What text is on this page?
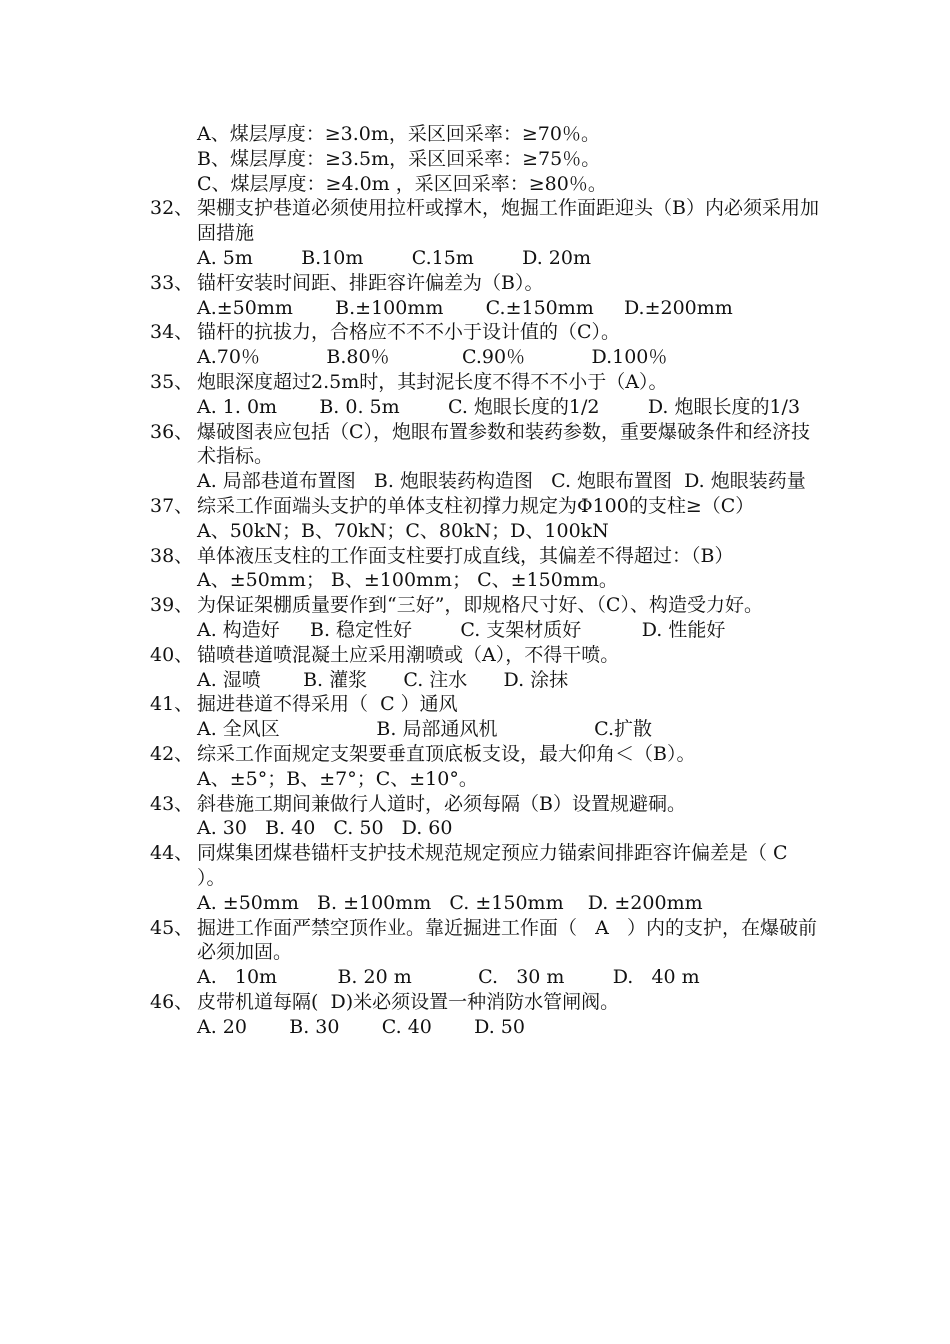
A、煤层厚度：≥3.0m，采区回采率：≥70％。
B、煤层厚度：≥3.5m，采区回采率：≥75％。
C、煤层厚度：≥4.0m ，采区回采率：≥80％。
32、 架棚支护巷道必须使用拉杆或撑木，炮掘工作面距迎头（B）内必须采用加固措施
A. 5m        B.10m        C.15m        D. 20m
33、 锚杆安装时间距、排距容许偏差为（B）。
A.±50mm       B.±100mm       C.±150mm     D.±200mm
34、 锚杆的抗拔力，合格应不不不小于设计值的（C）。
A.70％           B.80％            C.90％           D.100％
35、 炮眼深度超过2.5m时，其封泥长度不得不不小于（A）。
A. 1. 0m       B. 0. 5m        C. 炮眼长度的1/2        D. 炮眼长度的1/3
36、 爆破图表应包括（C），炮眼布置参数和装药参数，重要爆破条件和经济技术指标。
A. 局部巷道布置图   B. 炮眼装药构造图   C. 炮眼布置图  D. 炮眼装药量
37、 综采工作面端头支护的单体支柱初撑力规定为Φ100的支柱≥（C）
A、50kN；B、70kN；C、80kN；D、100kN
38、 单体液压支柱的工作面支柱要打成直线，其偏差不得超过：（B）
A、±50mm； B、±100mm； C、±150mm。
39、 为保证架棚质量要作到“三好”，即规格尺寸好、（C）、构造受力好。
A. 构造好     B. 稳定性好        C. 支架材质好          D. 性能好
40、 锚喷巷道喷混凝土应采用潮喷或（A），不得干喷。
A. 湿喷       B. 灌浆      C. 注水      D. 涂抹
41、 掘进巷道不得采用（  C ）通风
A. 全风区                B. 局部通风机                C.扩散
42、 综采工作面规定支架要垂直顶底板支设，最大仰角＜（B）。
A、±5°；B、±7°；C、±10°。
43、 斜巷施工期间兼做行人道时，必须每隔（B）设置规避硐。
A. 30   B. 40   C. 50   D. 60
44、 同煤集团煤巷锚杆支护技术规范规定预应力锚索间排距容许偏差是（ C ）。
A. ±50mm   B. ±100mm   C. ±150mm    D. ±200mm
45、 掘进工作面严禁空顶作业。靠近掘进工作面（   A   ）内的支护，在爆破前必须加固。
A.   10m          B. 20 m           C.   30 m        D.   40 m
46、 皮带机道每隔(  D)米必须设置一种消防水管闸阀。
A. 20       B. 30       C. 40       D. 50
